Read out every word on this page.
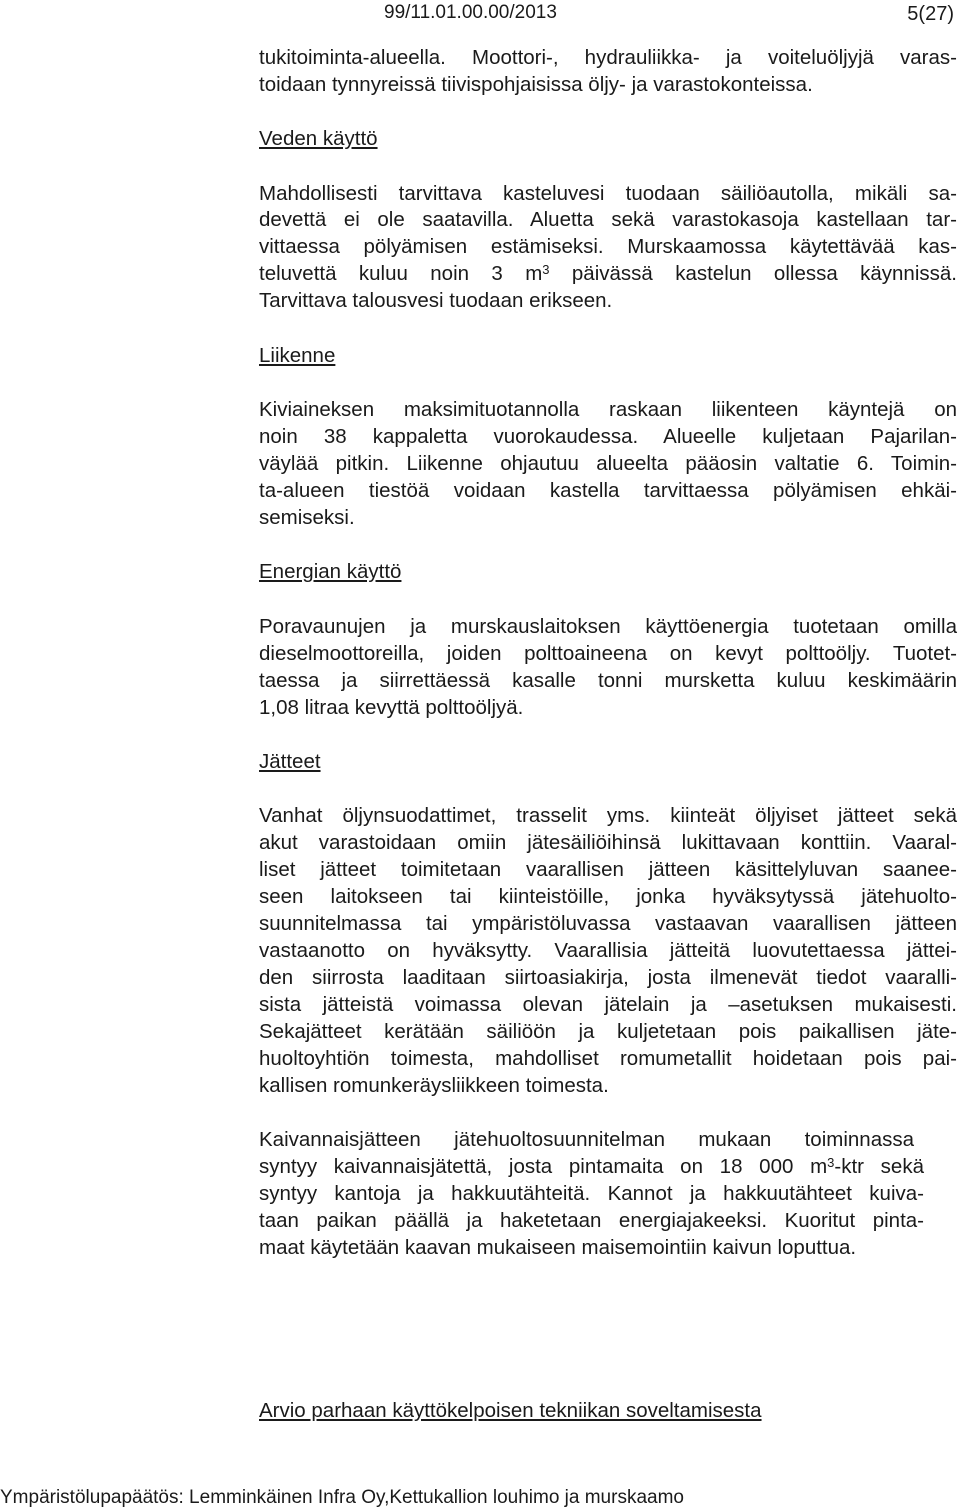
99/11.01.00.00/2013	5(27)
tukitoiminta-alueella. Moottori-, hydrauliikka- ja voiteluöljyjä varas-
toidaan tynnyreissä tiivispohjaisissa öljy- ja varastokonteissa.
Veden käyttö
Mahdollisesti tarvittava kasteluvesi tuodaan säiliöautolla, mikäli sa-
devettä ei ole saatavilla. Aluetta sekä varastokasoja kastellaan tar-
vittaessa pölyämisen estämiseksi. Murskaamossa käytettävää kas-
teluvettä kuluu noin 3 $m^3$ päivässä kastelun ollessa käynnissä.
Tarvittava talousvesi tuodaan erikseen.
Liikenne
Kiviaineksen maksimituotannolla raskaan liikenteen käyntejä on
noin 38 kappaletta vuorokaudessa. Alueelle kuljetaan Pajarilan-
väylää pitkin. Liikenne ohjautuu alueelta pääosin valtatie 6. Toimin-
ta-alueen tiestöä voidaan kastella tarvittaessa pölyämisen ehkäi-
semiseksi.
Energian käyttö
Poravaunujen ja murskauslaitoksen käyttöenergia tuotetaan omilla
dieselmoottoreilla, joiden polttoaineena on kevyt polttoöljy. Tuotet-
taessa ja siirrettäessä kasalle tonni mursketta kuluu keskimäärin
1,08 litraa kevyttä polttoöljyä.
Jätteet
Vanhat öljynsuodattimet, trasselit yms. kiinteät öljyiset jätteet sekä
akut varastoidaan omiin jätesäiliöihinsä lukittavaan konttiin. Vaaral-
liset jätteet toimitetaan vaarallisen jätteen käsittelyluvan saanee-
seen laitokseen tai kiinteistöille, jonka hyväksytyssä jätehuolto-
suunnitelmassa tai ympäristöluvassa vastaavan vaarallisen jätteen
vastaanotto on hyväksytty. Vaarallisia jätteitä luovutettaessa jättei-
den siirrosta laaditaan siirtoasiakirja, josta ilmenevät tiedot vaaralli-
sista jätteistä voimassa olevan jätelain ja –asetuksen mukaisesti.
Sekajätteet kerätään säiliöön ja kuljetetaan pois paikallisen jäte-
huoltoyhtiön toimesta, mahdolliset romumetallit hoidetaan pois pai-
kallisen romunkeräysliikkeen toimesta.
Kaivannaisjätteen jätehuoltosuunnitelman mukaan toiminnassa
syntyy kaivannaisjätettä, josta pintamaita on 18 000 $m^3$-ktr sekä
syntyy kantoja ja hakkuutähteitä. Kannot ja hakkuutähteet kuiva-
taan paikan päällä ja haketetaan energiajakeeksi. Kuoritut pinta-
maat käytetään kaavan mukaiseen maisemointiin kaivun loputtua.
Arvio parhaan käyttökelpoisen tekniikan soveltamisesta
Ympäristölupapäätös: Lemminkäinen Infra Oy,Kettukallion louhimo ja murskaamo
